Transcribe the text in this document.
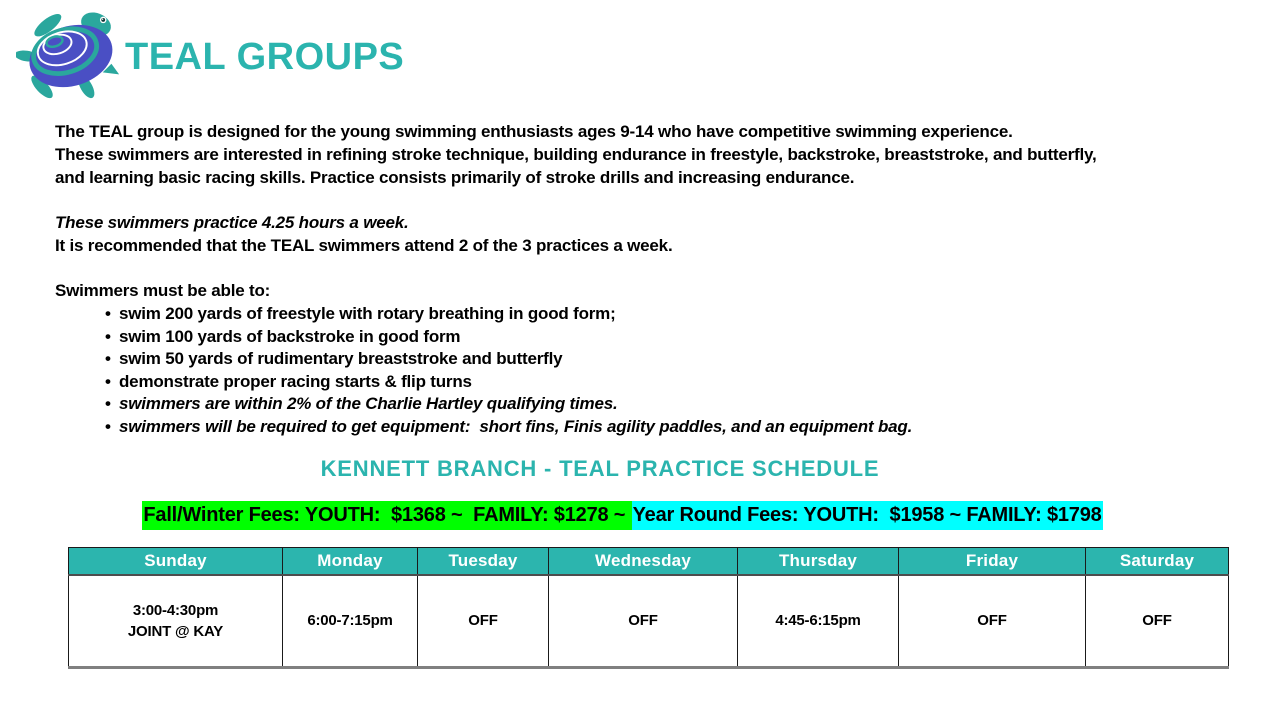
TEAL GROUPS
The TEAL group is designed for the young swimming enthusiasts ages 9-14 who have competitive swimming experience.
These swimmers are interested in refining stroke technique, building endurance in freestyle, backstroke, breaststroke, and butterfly,
and learning basic racing skills. Practice consists primarily of stroke drills and increasing endurance.
These swimmers practice 4.25 hours a week.
It is recommended that the TEAL swimmers attend 2 of the 3 practices a week.
Swimmers must be able to:
• swim 200 yards of freestyle with rotary breathing in good form;
• swim 100 yards of backstroke in good form
• swim 50 yards of rudimentary breaststroke and butterfly
• demonstrate proper racing starts & flip turns
• swimmers are within 2% of the Charlie Hartley qualifying times.
• swimmers will be required to get equipment:  short fins, Finis agility paddles, and an equipment bag.
KENNETT BRANCH - TEAL PRACTICE SCHEDULE
Fall/Winter Fees: YOUTH:  $1368 ~  FAMILY: $1278 ~ Year Round Fees: YOUTH:  $1958 ~ FAMILY: $1798
Sunday	Monday	Tuesday	Wednesday	Thursday	Friday	Saturday

3:00-4:30pm
JOINT @ KAY	6:00-7:15pm	OFF	OFF	4:45-6:15pm	OFF	OFF
